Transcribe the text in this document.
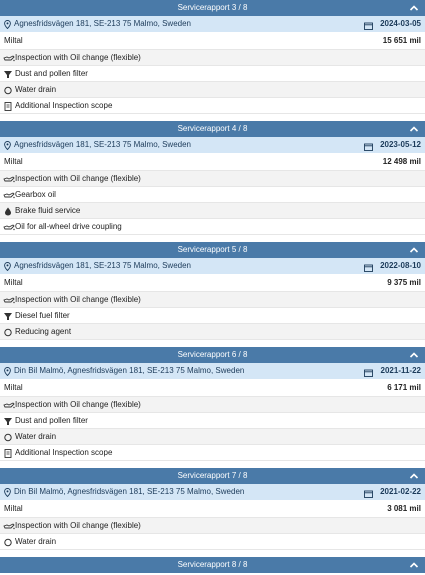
Servicerapport 3 / 8
Agnesfridsvägen 181, SE-213 75 Malmo, Sweden	2024-03-05
Miltal	15 651 mil
Inspection with Oil change (flexible)
Dust and pollen filter
Water drain
Additional Inspection scope
Servicerapport 4 / 8
Agnesfridsvägen 181, SE-213 75 Malmo, Sweden	2023-05-12
Miltal	12 498 mil
Inspection with Oil change (flexible)
Gearbox oil
Brake fluid service
Oil for all-wheel drive coupling
Servicerapport 5 / 8
Agnesfridsvägen 181, SE-213 75 Malmo, Sweden	2022-08-10
Miltal	9 375 mil
Inspection with Oil change (flexible)
Diesel fuel filter
Reducing agent
Servicerapport 6 / 8
Din Bil Malmö, Agnesfridsvägen 181, SE-213 75 Malmo, Sweden	2021-11-22
Miltal	6 171 mil
Inspection with Oil change (flexible)
Dust and pollen filter
Water drain
Additional Inspection scope
Servicerapport 7 / 8
Din Bil Malmö, Agnesfridsvägen 181, SE-213 75 Malmo, Sweden	2021-02-22
Miltal	3 081 mil
Inspection with Oil change (flexible)
Water drain
Servicerapport 8 / 8
